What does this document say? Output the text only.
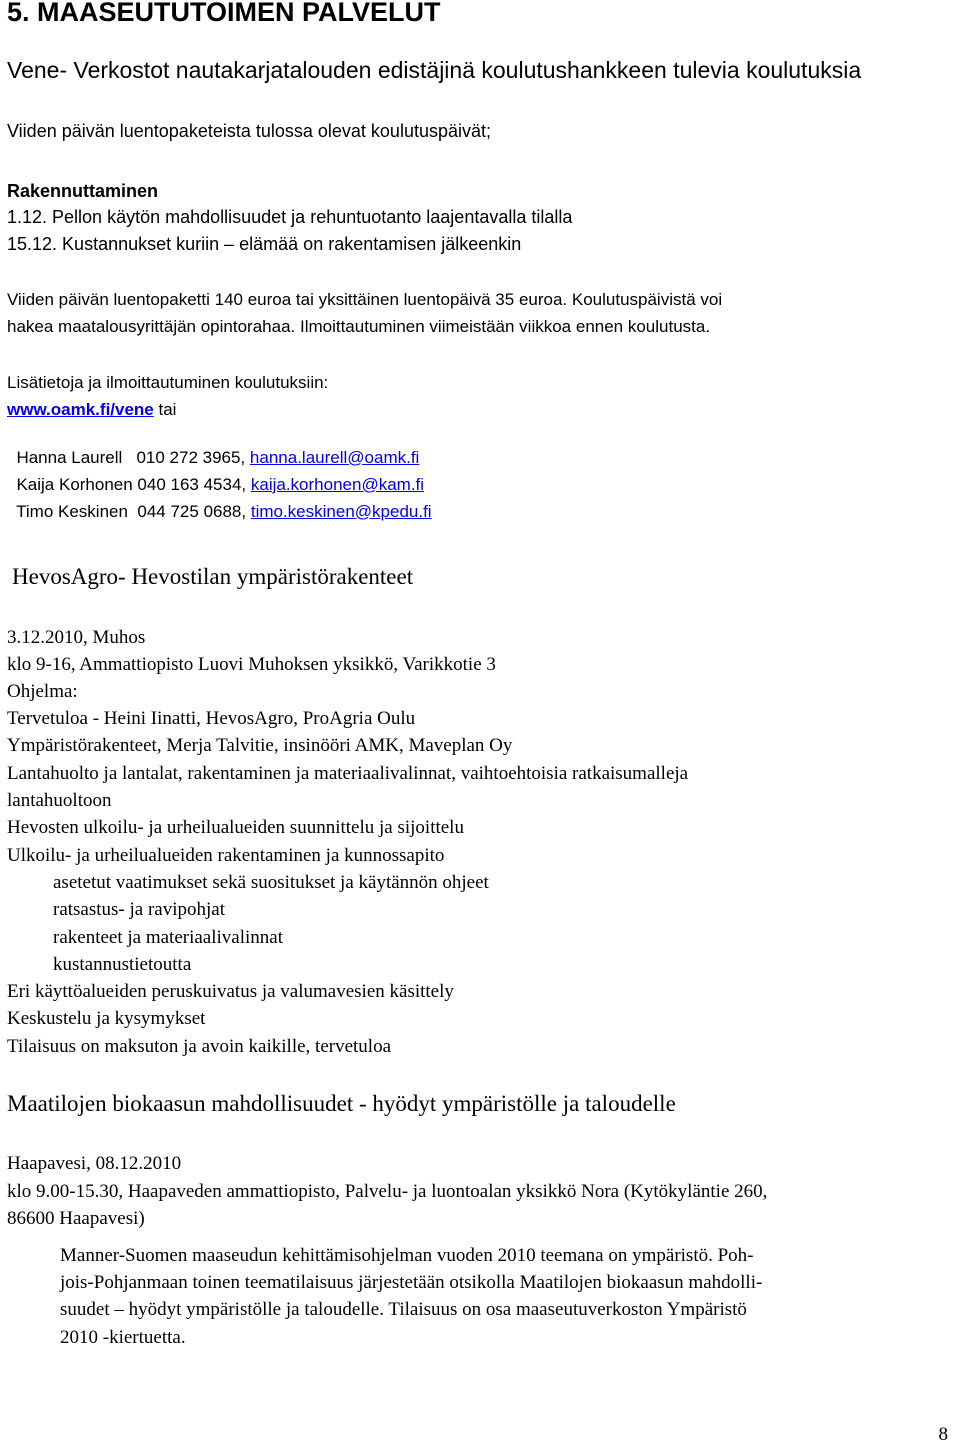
5. MAASEUTUTOIMEN PALVELUT
Vene- Verkostot nautakarjatalouden edistäjinä koulutushankkeen tulevia koulutuksia
Viiden päivän luentopaketeista tulossa olevat koulutuspäivät;
Rakennuttaminen
1.12. Pellon käytön mahdollisuudet ja rehuntuotanto laajentavalla tilalla
15.12. Kustannukset kuriin – elämää on rakentamisen jälkeenkin
Viiden päivän luentopaketti 140 euroa tai yksittäinen luentopäivä 35 euroa. Koulutuspäivistä voi
hakea maatalousyrittäjän opintorahaa. Ilmoittautuminen viimeistään viikkoa ennen koulutusta.
Lisätietoja ja ilmoittautuminen koulutuksiin:
www.oamk.fi/vene tai

Hanna Laurell   010 272 3965, hanna.laurell@oamk.fi

Kaija Korhonen 040 163 4534, kaija.korhonen@kam.fi

Timo Keskinen  044 725 0688, timo.keskinen@kpedu.fi

HevosAgro- Hevostilan ympäristörakenteet
3.12.2010, Muhos
klo 9-16, Ammattiopisto Luovi Muhoksen yksikkö, Varikkotie 3
Ohjelma:
Tervetuloa - Heini Iinatti, HevosAgro, ProAgria Oulu
Ympäristörakenteet, Merja Talvitie, insinööri AMK, Maveplan Oy
Lantahuolto ja lantalat, rakentaminen ja materiaalivalinnat, vaihtoehtoisia ratkaisumalleja
lantahuoltoon
Hevosten ulkoilu- ja urheilualueiden suunnittelu ja sijoittelu
Ulkoilu- ja urheilualueiden rakentaminen ja kunnossapito
asetetut vaatimukset sekä suositukset ja käytännön ohjeet
ratsastus- ja ravipohjat
rakenteet ja materiaalivalinnat
kustannustietoutta
Eri käyttöalueiden peruskuivatus ja valumavesien käsittely
Keskustelu ja kysymykset
Tilaisuus on maksuton ja avoin kaikille, tervetuloa
Maatilojen biokaasun mahdollisuudet - hyödyt ympäristölle ja taloudelle
Haapavesi, 08.12.2010
klo 9.00-15.30, Haapaveden ammattiopisto, Palvelu- ja luontoalan yksikkö Nora (Kytökyläntie 260,
86600 Haapavesi)
Manner-Suomen maaseudun kehittämisohjelman vuoden 2010 teemana on ympäristö. Poh-
jois-Pohjanmaan toinen teematilaisuus järjestetään otsikolla Maatilojen biokaasun mahdolli-
suudet – hyödyt ympäristölle ja taloudelle. Tilaisuus on osa maaseutuverkoston Ympäristö
2010 -kiertuetta.
8
